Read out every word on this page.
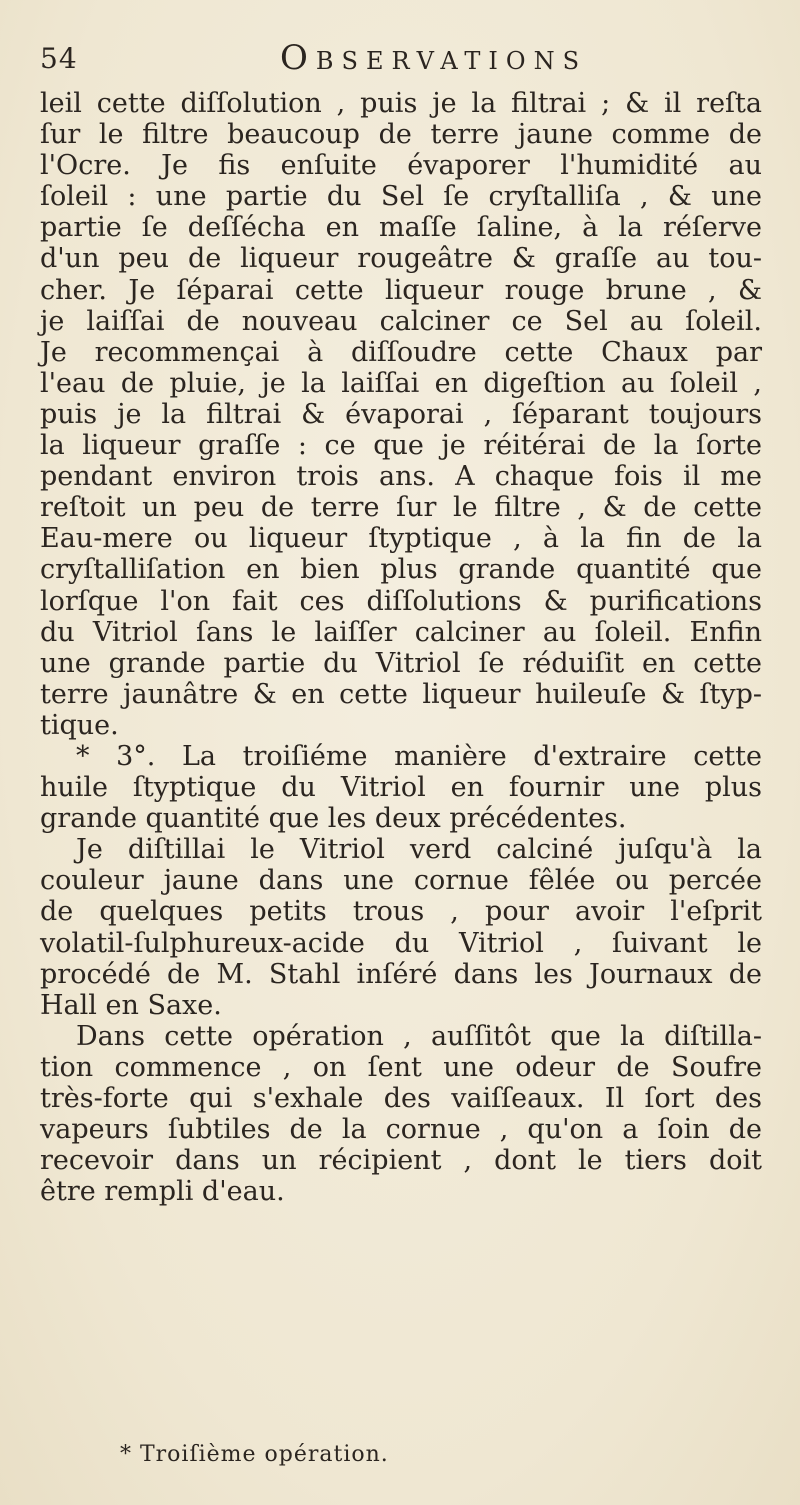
54	Observations
leil cette diſſolution , puis je la filtrai ; & il reſta
ſur le filtre beaucoup de terre jaune comme de
l'Ocre. Je fis enſuite évaporer l'humidité au
ſoleil : une partie du Sel ſe cryſtalliſa , & une
partie ſe deſſécha en maſſe ſaline, à la réſerve
d'un peu de liqueur rougeâtre & graſſe au tou-
cher. Je ſéparai cette liqueur rouge brune , &
je laiſſai de nouveau calciner ce Sel au ſoleil.
Je recommençai à diſſoudre cette Chaux par
l'eau de pluie, je la laiſſai en digeſtion au ſoleil ,
puis je la filtrai & évaporai , ſéparant toujours
la liqueur graſſe : ce que je réitérai de la ſorte
pendant environ trois ans. A chaque fois il me
reſtoit un peu de terre ſur le filtre , & de cette
Eau-mere ou liqueur ſtyptique , à la fin de la
cryſtalliſation en bien plus grande quantité que
lorſque l'on fait ces diſſolutions & purifications
du Vitriol ſans le laiſſer calciner au ſoleil. Enfin
une grande partie du Vitriol ſe réduiſit en cette
terre jaunâtre & en cette liqueur huileuſe & ſtyp-
tique.
* 3°. La troiſiéme manière d'extraire cette
huile ſtyptique du Vitriol en fournir une plus
grande quantité que les deux précédentes.
Je diſtillai le Vitriol verd calciné juſqu'à la
couleur jaune dans une cornue fêlée ou percée
de quelques petits trous , pour avoir l'eſprit
volatil-ſulphureux-acide du Vitriol , ſuivant le
procédé de M. Stahl inſéré dans les Journaux de
Hall en Saxe.
Dans cette opération , auſſitôt que la diſtilla-
tion commence , on ſent une odeur de Soufre
très-forte qui s'exhale des vaiſſeaux. Il ſort des
vapeurs ſubtiles de la cornue , qu'on a ſoin de
recevoir dans un récipient , dont le tiers doit
être rempli d'eau.
* Troiſième opération.
